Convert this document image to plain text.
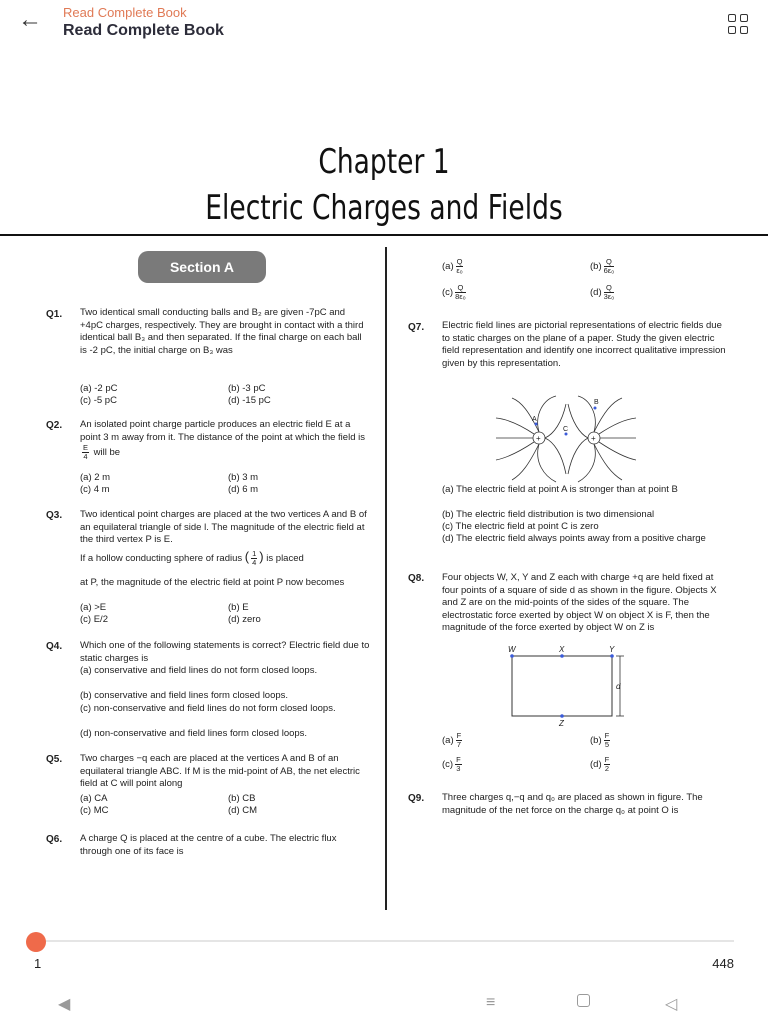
← Read Complete Book
Read Complete Book
Chapter 1
Electric Charges and Fields
Section A
Q1. Two identical small conducting balls and B₂ are given -7pC and +4pC charges, respectively. They are brought in contact with a third identical ball B₃ and then separated. If the final charge on each ball is -2 pC, the initial charge on B₃ was
(a) -2 pC	(b) -3 pC
(c) -5 pC	(d) -15 pC
Q2. An isolated point charge particle produces an electric field E at a point 3 m away from it. The distance of the point at which the field is
$\frac{E}{4}$ will be
(a) 2 m	(b) 3 m
(c) 4 m	(d) 6 m
Q3. Two identical point charges are placed at the two vertices A and B of an equilateral triangle of side l. The magnitude of the electric field at the third vertex P is E.
If a hollow conducting sphere of radius ( $\frac{1}{4}$ ) is placed
at P, the magnitude of the electric field at point P now becomes
(a) >E	(b) E
(c) E/2	(d) zero
Q4. Which one of the following statements is correct? Electric field due to static charges is
(a) conservative and field lines do not form closed loops.
(b) conservative and field lines form closed loops.
(c) non-conservative and field lines do not form closed loops.
(d) non-conservative and field lines form closed loops.
Q5. Two charges −q each are placed at the vertices A and B of an equilateral triangle ABC. If M is the mid-point of AB, the net electric field at C will point along
(a) CA	(b) CB
(c) MC	(d) CM
Q6. A charge Q is placed at the centre of a cube. The electric flux through one of its face is
$(a) \frac{Q}{\text{ε₀}}$	$(b) \frac{Q}{\text{6ε₀}}$
$(c) \frac{Q}{\text{8ε₀}}$	$(d) \frac{Q}{\text{3ε₀}}$
Q7. Electric field lines are pictorial representations of electric fields due to static charges on the plane of a paper. Study the given electric field representation and identify one incorrect qualitative impression given by this representation.
+	+
A
B
C
(a) The electric field at point A is stronger than at point B
(b) The electric field distribution is two dimensional
(c) The electric field at point C is zero
(d) The electric field always points away from a positive charge
Q8. Four objects W, X, Y and Z each with charge +q are held fixed at four points of a square of side d as shown in the figure. Objects X and Z are on the mid-points of the sides of the square. The electrostatic force exerted by object W on object X is F, then the magnitude of the force exerted by object W on Z is
W	X	Y
Z
d
$(a) \frac{F}{7}$	$(b) \frac{F}{5}$
$(c) \frac{F}{3}$	$(d) \frac{F}{2}$
Q9. Three charges q,−q and q₀ are placed as shown in figure. The magnitude of the net force on the charge q₀ at point O is
1	448
◀	≡	◁
